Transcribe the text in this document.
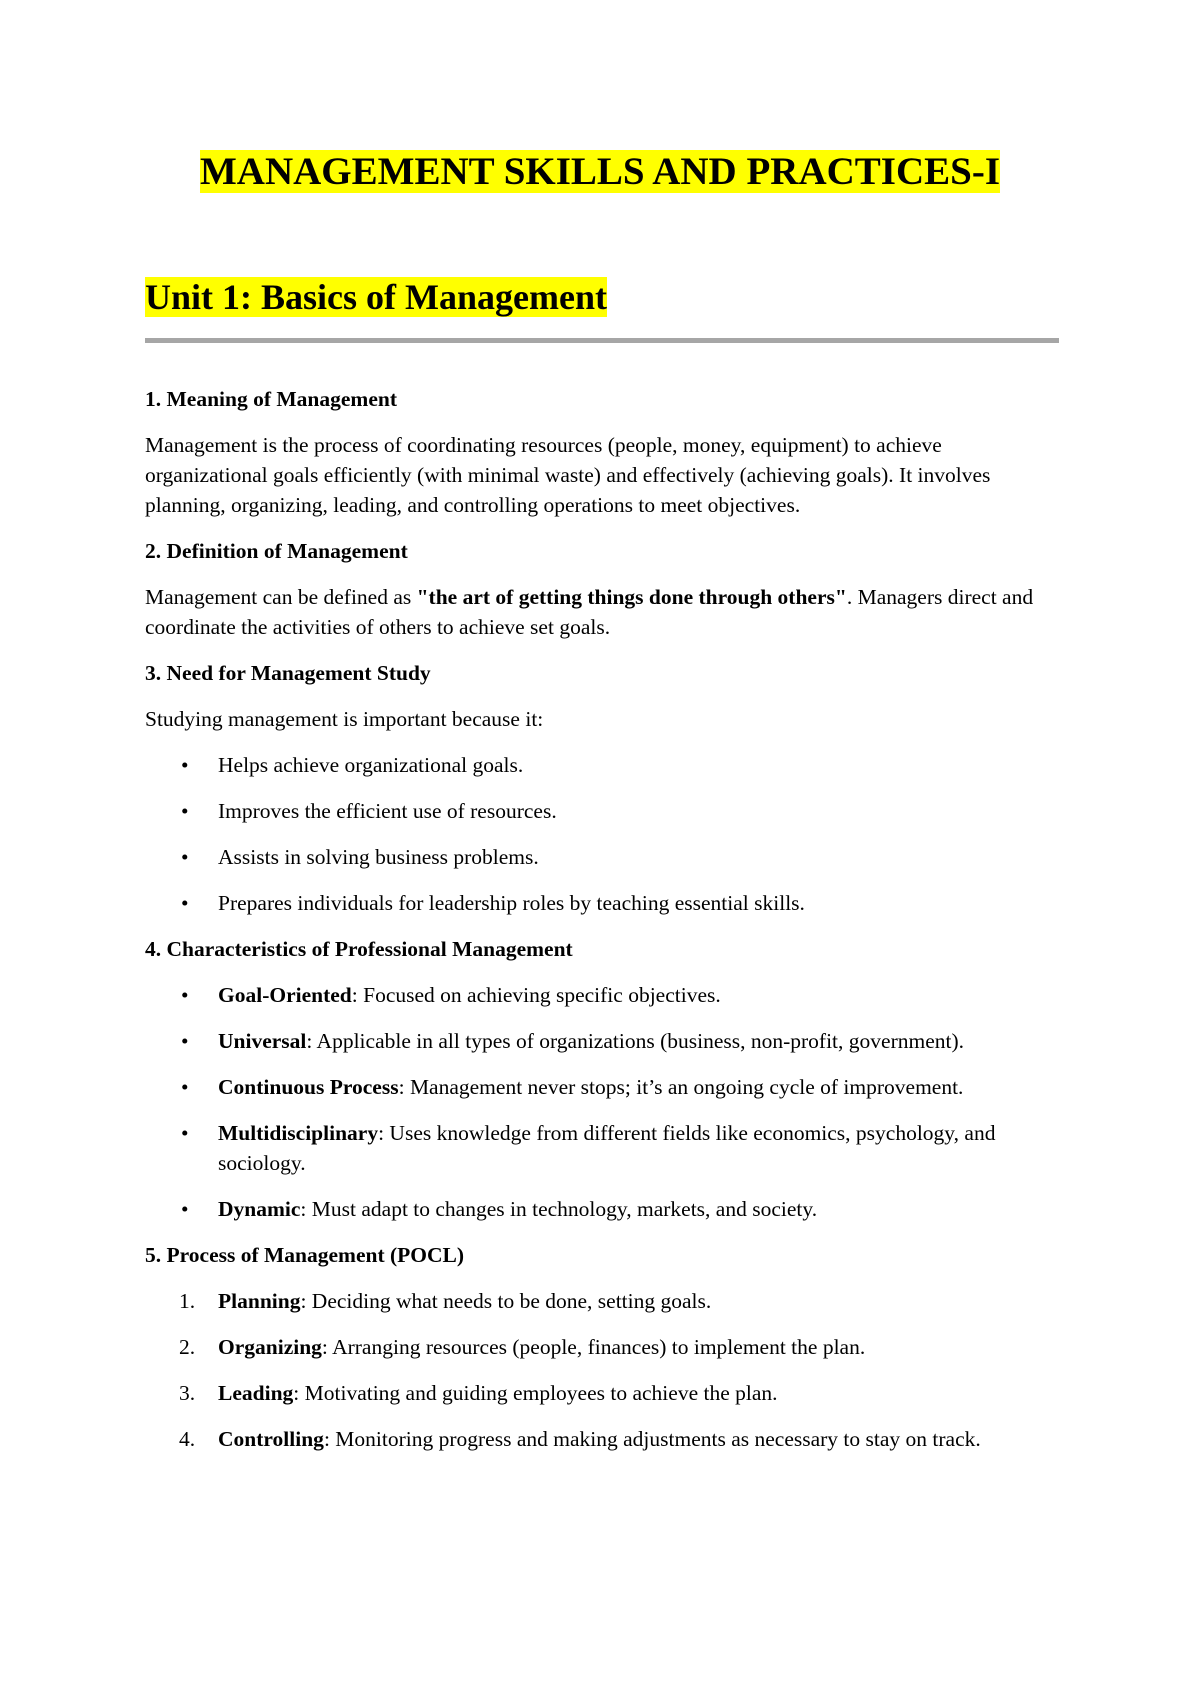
MANAGEMENT SKILLS AND PRACTICES-I
Unit 1: Basics of Management
1. Meaning of Management
Management is the process of coordinating resources (people, money, equipment) to achieve organizational goals efficiently (with minimal waste) and effectively (achieving goals). It involves planning, organizing, leading, and controlling operations to meet objectives.
2. Definition of Management
Management can be defined as "the art of getting things done through others". Managers direct and coordinate the activities of others to achieve set goals.
3. Need for Management Study
Studying management is important because it:
• Helps achieve organizational goals.
• Improves the efficient use of resources.
• Assists in solving business problems.
• Prepares individuals for leadership roles by teaching essential skills.
4. Characteristics of Professional Management
• Goal-Oriented: Focused on achieving specific objectives.
• Universal: Applicable in all types of organizations (business, non-profit, government).
• Continuous Process: Management never stops; it’s an ongoing cycle of improvement.
• Multidisciplinary: Uses knowledge from different fields like economics, psychology, and sociology.
• Dynamic: Must adapt to changes in technology, markets, and society.
5. Process of Management (POCL)
1. Planning: Deciding what needs to be done, setting goals.
2. Organizing: Arranging resources (people, finances) to implement the plan.
3. Leading: Motivating and guiding employees to achieve the plan.
4. Controlling: Monitoring progress and making adjustments as necessary to stay on track.
